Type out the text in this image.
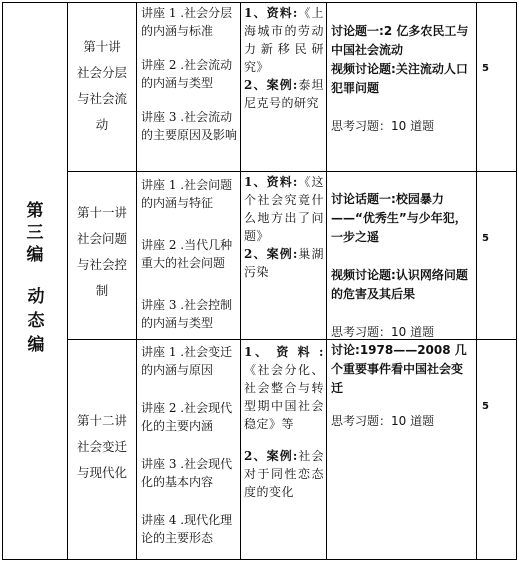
第三编
动
态
编
第十讲
社会分层
与社会流
动

讲座 1 .社会分层的内涵与标准

讲座 2 .社会流动的内涵与类型

讲座 3 .社会流动的主要原因及影响

1、资料:《上海城市的劳动力新移民研究》
2、案例:泰坦尼克号的研究
讨论题一:2 亿多农民工与中国社会流动
视频讨论题:关注流动人口犯罪问题
思考习题：10 道题
5
第十一讲
社会问题
与社会控
制

讲座 1 .社会问题的内涵与特征

讲座 2 .当代几种重大的社会问题

讲座 3 .社会控制的内涵与类型

1、资料:《这个社会究竟什么地方出了问题》
2、案例:巢湖污染
讨论话题一:校园暴力——“优秀生”与少年犯，一步之遥
视频讨论题:认识网络问题的危害及其后果
思考习题：10 道题
5
第十二讲
社会变迁
与现代化

讲座 1 .社会变迁的内涵与原因

讲座 2 .社会现代化的主要内涵

讲座 3 .社会现代化的基本内容

讲座 4 .现代化理论的主要形态

1、 资 料 :《社会分化、社会整合与转型期中国社会稳定》等
2、案例:社会对于同性恋态度的变化
讨论:1978——2008 几个重要事件看中国社会变迁
思考习题：10 道题
5
